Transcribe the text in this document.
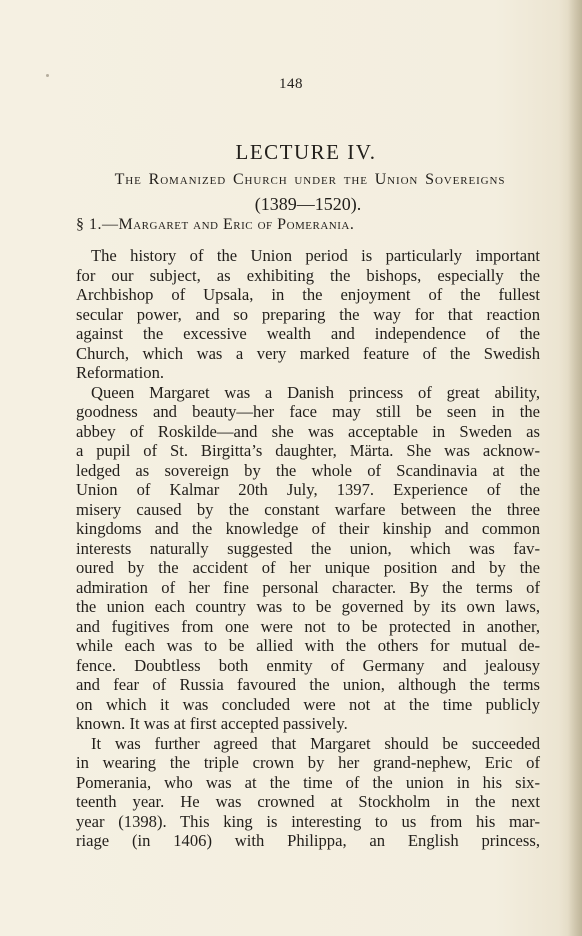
148
LECTURE IV.
The Romanized Church under the Union Sovereigns
(1389—1520).
§ 1.—Margaret and Eric of Pomerania.
The history of the Union period is particularly important
for our subject, as exhibiting the bishops, especially the
Archbishop of Upsala, in the enjoyment of the fullest
secular power, and so preparing the way for that reaction
against the excessive wealth and independence of the
Church, which was a very marked feature of the Swedish
Reformation.
Queen Margaret was a Danish princess of great ability,
goodness and beauty—her face may still be seen in the
abbey of Roskilde—and she was acceptable in Sweden as
a pupil of St. Birgitta’s daughter, Märta. She was acknow-
ledged as sovereign by the whole of Scandinavia at the
Union of Kalmar 20th July, 1397. Experience of the
misery caused by the constant warfare between the three
kingdoms and the knowledge of their kinship and common
interests naturally suggested the union, which was fav-
oured by the accident of her unique position and by the
admiration of her fine personal character. By the terms of
the union each country was to be governed by its own laws,
and fugitives from one were not to be protected in another,
while each was to be allied with the others for mutual de-
fence. Doubtless both enmity of Germany and jealousy
and fear of Russia favoured the union, although the terms
on which it was concluded were not at the time publicly
known. It was at first accepted passively.
It was further agreed that Margaret should be succeeded
in wearing the triple crown by her grand-nephew, Eric of
Pomerania, who was at the time of the union in his six-
teenth year. He was crowned at Stockholm in the next
year (1398). This king is interesting to us from his mar-
riage (in 1406) with Philippa, an English princess,
